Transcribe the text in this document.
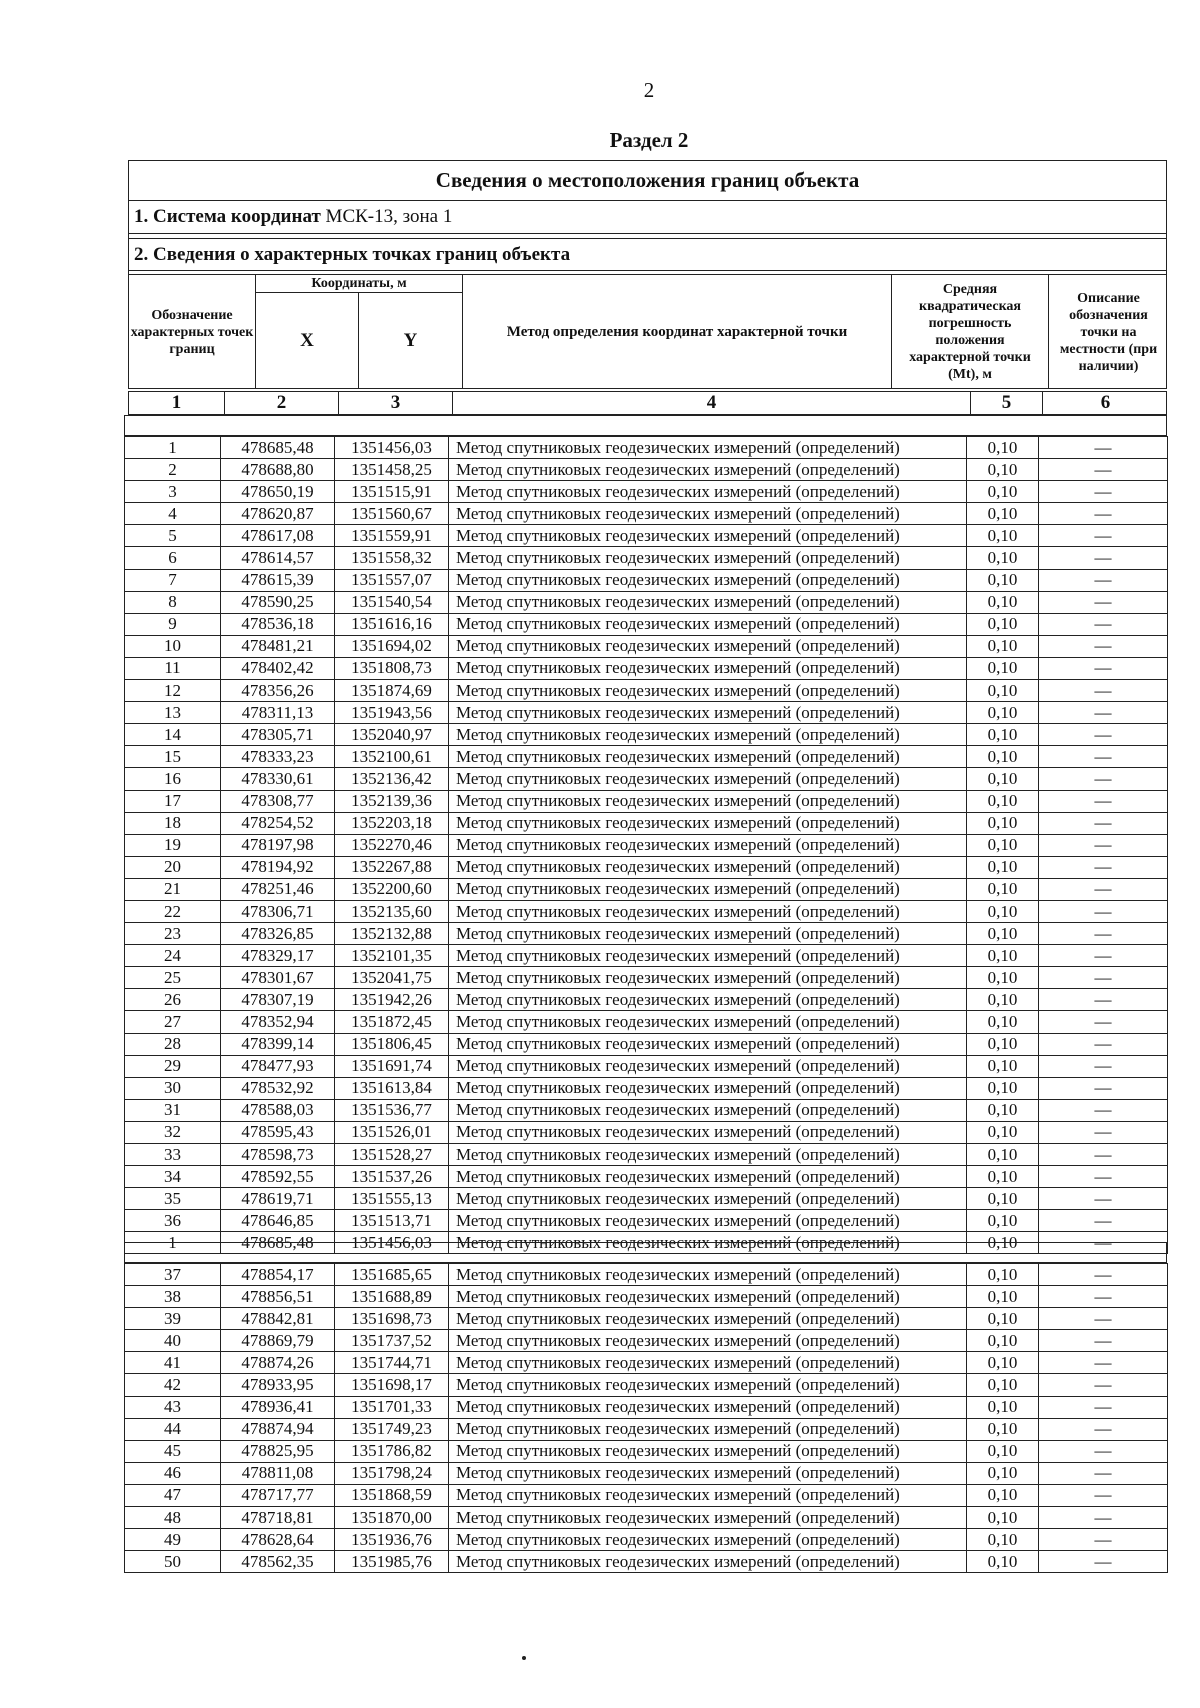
2
Раздел 2
Сведения о местоположения границ объекта
1. Система координат МСК-13, зона 1
2. Сведения о характерных точках границ объекта
Обозначение характерных точек границ
Координаты, м
X	Y	Метод определения координат характерной точки
Средняя квадратическая погрешность положения характерной точки (Mt), м
Описание обозначения точки на местности (при наличии)
1	2	3	4	5	6
1	478685,48	1351456,03	Метод спутниковых геодезических измерений (определений)	0,10	—
2	478688,80	1351458,25	Метод спутниковых геодезических измерений (определений)	0,10	—
3	478650,19	1351515,91	Метод спутниковых геодезических измерений (определений)	0,10	—
4	478620,87	1351560,67	Метод спутниковых геодезических измерений (определений)	0,10	—
5	478617,08	1351559,91	Метод спутниковых геодезических измерений (определений)	0,10	—
6	478614,57	1351558,32	Метод спутниковых геодезических измерений (определений)	0,10	—
7	478615,39	1351557,07	Метод спутниковых геодезических измерений (определений)	0,10	—
8	478590,25	1351540,54	Метод спутниковых геодезических измерений (определений)	0,10	—
9	478536,18	1351616,16	Метод спутниковых геодезических измерений (определений)	0,10	—
10	478481,21	1351694,02	Метод спутниковых геодезических измерений (определений)	0,10	—
11	478402,42	1351808,73	Метод спутниковых геодезических измерений (определений)	0,10	—
12	478356,26	1351874,69	Метод спутниковых геодезических измерений (определений)	0,10	—
13	478311,13	1351943,56	Метод спутниковых геодезических измерений (определений)	0,10	—
14	478305,71	1352040,97	Метод спутниковых геодезических измерений (определений)	0,10	—
15	478333,23	1352100,61	Метод спутниковых геодезических измерений (определений)	0,10	—
16	478330,61	1352136,42	Метод спутниковых геодезических измерений (определений)	0,10	—
17	478308,77	1352139,36	Метод спутниковых геодезических измерений (определений)	0,10	—
18	478254,52	1352203,18	Метод спутниковых геодезических измерений (определений)	0,10	—
19	478197,98	1352270,46	Метод спутниковых геодезических измерений (определений)	0,10	—
20	478194,92	1352267,88	Метод спутниковых геодезических измерений (определений)	0,10	—
21	478251,46	1352200,60	Метод спутниковых геодезических измерений (определений)	0,10	—
22	478306,71	1352135,60	Метод спутниковых геодезических измерений (определений)	0,10	—
23	478326,85	1352132,88	Метод спутниковых геодезических измерений (определений)	0,10	—
24	478329,17	1352101,35	Метод спутниковых геодезических измерений (определений)	0,10	—
25	478301,67	1352041,75	Метод спутниковых геодезических измерений (определений)	0,10	—
26	478307,19	1351942,26	Метод спутниковых геодезических измерений (определений)	0,10	—
27	478352,94	1351872,45	Метод спутниковых геодезических измерений (определений)	0,10	—
28	478399,14	1351806,45	Метод спутниковых геодезических измерений (определений)	0,10	—
29	478477,93	1351691,74	Метод спутниковых геодезических измерений (определений)	0,10	—
30	478532,92	1351613,84	Метод спутниковых геодезических измерений (определений)	0,10	—
31	478588,03	1351536,77	Метод спутниковых геодезических измерений (определений)	0,10	—
32	478595,43	1351526,01	Метод спутниковых геодезических измерений (определений)	0,10	—
33	478598,73	1351528,27	Метод спутниковых геодезических измерений (определений)	0,10	—
34	478592,55	1351537,26	Метод спутниковых геодезических измерений (определений)	0,10	—
35	478619,71	1351555,13	Метод спутниковых геодезических измерений (определений)	0,10	—
36	478646,85	1351513,71	Метод спутниковых геодезических измерений (определений)	0,10	—
1	478685,48	1351456,03	Метод спутниковых геодезических измерений (определений)	0,10	—
37	478854,17	1351685,65	Метод спутниковых геодезических измерений (определений)	0,10	—
38	478856,51	1351688,89	Метод спутниковых геодезических измерений (определений)	0,10	—
39	478842,81	1351698,73	Метод спутниковых геодезических измерений (определений)	0,10	—
40	478869,79	1351737,52	Метод спутниковых геодезических измерений (определений)	0,10	—
41	478874,26	1351744,71	Метод спутниковых геодезических измерений (определений)	0,10	—
42	478933,95	1351698,17	Метод спутниковых геодезических измерений (определений)	0,10	—
43	478936,41	1351701,33	Метод спутниковых геодезических измерений (определений)	0,10	—
44	478874,94	1351749,23	Метод спутниковых геодезических измерений (определений)	0,10	—
45	478825,95	1351786,82	Метод спутниковых геодезических измерений (определений)	0,10	—
46	478811,08	1351798,24	Метод спутниковых геодезических измерений (определений)	0,10	—
47	478717,77	1351868,59	Метод спутниковых геодезических измерений (определений)	0,10	—
48	478718,81	1351870,00	Метод спутниковых геодезических измерений (определений)	0,10	—
49	478628,64	1351936,76	Метод спутниковых геодезических измерений (определений)	0,10	—
50	478562,35	1351985,76	Метод спутниковых геодезических измерений (определений)	0,10	—
